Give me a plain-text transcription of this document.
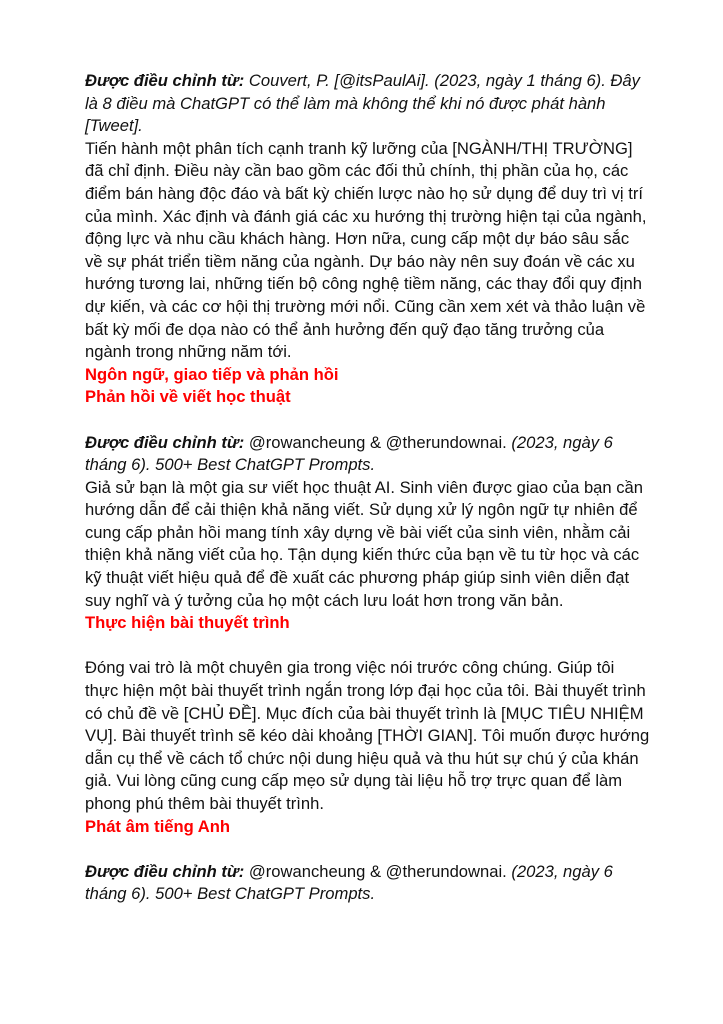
Được điều chỉnh từ: Couvert, P. [@itsPaulAi]. (2023, ngày 1 tháng 6). Đây là 8 điều mà ChatGPT có thể làm mà không thể khi nó được phát hành [Tweet].

Tiến hành một phân tích cạnh tranh kỹ lưỡng của [NGÀNH/THỊ TRƯỜNG] đã chỉ định. Điều này cần bao gồm các đối thủ chính, thị phần của họ, các điểm bán hàng độc đáo và bất kỳ chiến lược nào họ sử dụng để duy trì vị trí của mình. Xác định và đánh giá các xu hướng thị trường hiện tại của ngành, động lực và nhu cầu khách hàng. Hơn nữa, cung cấp một dự báo sâu sắc về sự phát triển tiềm năng của ngành. Dự báo này nên suy đoán về các xu hướng tương lai, những tiến bộ công nghệ tiềm năng, các thay đổi quy định dự kiến, và các cơ hội thị trường mới nổi. Cũng cần xem xét và thảo luận về bất kỳ mối đe dọa nào có thể ảnh hưởng đến quỹ đạo tăng trưởng của ngành trong những năm tới.

Ngôn ngữ, giao tiếp và phản hồi

Phản hồi về viết học thuật

Được điều chỉnh từ: @rowancheung & @therundownai. (2023, ngày 6 tháng 6). 500+ Best ChatGPT Prompts.

Giả sử bạn là một gia sư viết học thuật AI. Sinh viên được giao của bạn cần hướng dẫn để cải thiện khả năng viết. Sử dụng xử lý ngôn ngữ tự nhiên để cung cấp phản hồi mang tính xây dựng về bài viết của sinh viên, nhằm cải thiện khả năng viết của họ. Tận dụng kiến thức của bạn về tu từ học và các kỹ thuật viết hiệu quả để đề xuất các phương pháp giúp sinh viên diễn đạt suy nghĩ và ý tưởng của họ một cách lưu loát hơn trong văn bản.

Thực hiện bài thuyết trình

Đóng vai trò là một chuyên gia trong việc nói trước công chúng. Giúp tôi thực hiện một bài thuyết trình ngắn trong lớp đại học của tôi. Bài thuyết trình có chủ đề về [CHỦ ĐỀ]. Mục đích của bài thuyết trình là [MỤC TIÊU NHIỆM VỤ]. Bài thuyết trình sẽ kéo dài khoảng [THỜI GIAN]. Tôi muốn được hướng dẫn cụ thể về cách tổ chức nội dung hiệu quả và thu hút sự chú ý của khán giả. Vui lòng cũng cung cấp mẹo sử dụng tài liệu hỗ trợ trực quan để làm phong phú thêm bài thuyết trình.

Phát âm tiếng Anh

Được điều chỉnh từ: @rowancheung & @therundownai. (2023, ngày 6 tháng 6). 500+ Best ChatGPT Prompts.
